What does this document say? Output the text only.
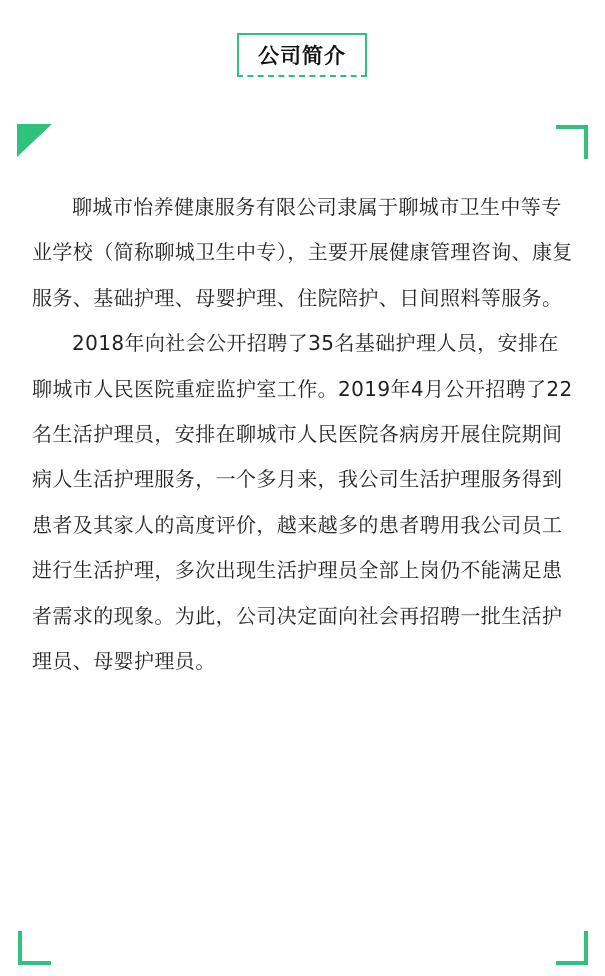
公司简介

聊城市怡养健康服务有限公司隶属于聊城市卫生中等专业学校（简称聊城卫生中专），主要开展健康管理咨询、康复服务、基础护理、母婴护理、住院陪护、日间照料等服务。

2018年向社会公开招聘了35名基础护理人员，安排在聊城市人民医院重症监护室工作。2019年4月公开招聘了22名生活护理员，安排在聊城市人民医院各病房开展住院期间病人生活护理服务，一个多月来，我公司生活护理服务得到患者及其家人的高度评价，越来越多的患者聘用我公司员工进行生活护理，多次出现生活护理员全部上岗仍不能满足患者需求的现象。为此，公司决定面向社会再招聘一批生活护理员、母婴护理员。
